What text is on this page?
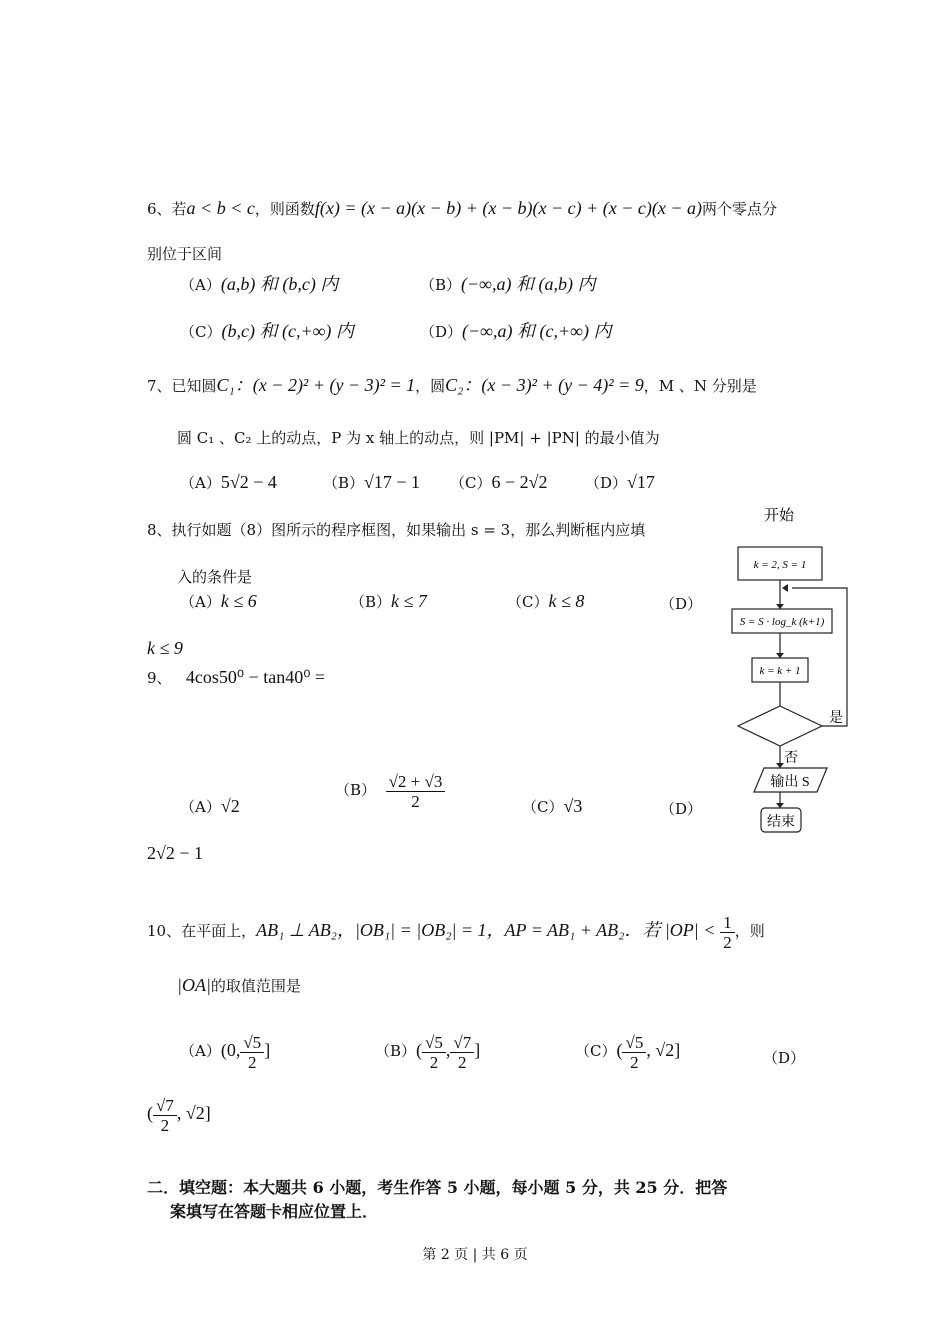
6、若a < b < c，则函数f(x) = (x − a)(x − b) + (x − b)(x − c) + (x − c)(x − a)两个零点分
别位于区间
（A）(a,b) 和 (b,c) 内	（B）(−∞,a) 和 (a,b) 内
（C）(b,c) 和 (c,+∞) 内	（D）(−∞,a) 和 (c,+∞) 内
7、已知圆C₁：(x − 2)² + (y − 3)² = 1，圆C₂：(x − 3)² + (y − 4)² = 9，M 、N 分别是
圆 C₁ 、C₂ 上的动点，P 为 x 轴上的动点，则 |PM| + |PN| 的最小值为
（A）5√2 − 4	（B）√17 − 1 （C）6 − 2√2 （D）√17
8、执行如题（8）图所示的程序框图，如果输出 s = 3，那么判断框内应填
入的条件是
（A）k ≤ 6	（B）k ≤ 7	（C）k ≤ 8	（D）
k ≤ 9
9、 4cos50⁰ − tan40⁰ =
（A）√2
$(B) \frac{√2 + √3}{2}$	（C）√3	（D）
2√2 − 1
10、在平面上，AB₁ ⊥ AB₂，|OB₁| = |OB₂| = 1，AP = AB₁ + AB₂．若 $|OP| < \frac{1}{2}$ ，则
|OA|的取值范围是
（A）(0, $\frac{√5}{2}$ ]	$(B)( \frac{√5}{2}$ , $\frac{√7}{2}$ ]	$(C)( \frac{√5}{2}$ , √2]	（D）
( $\frac{√7}{2}$ , √2]
二．填空题：本大题共 6 小题，考生作答 5 小题，每小题 5 分，共 25 分．把答
案填写在答题卡相应位置上．
第 2 页 | 共 6 页
开始
k = 2, S = 1
S = S · log_k (k+1)
k = k + 1
是
否
输出 S
结束
